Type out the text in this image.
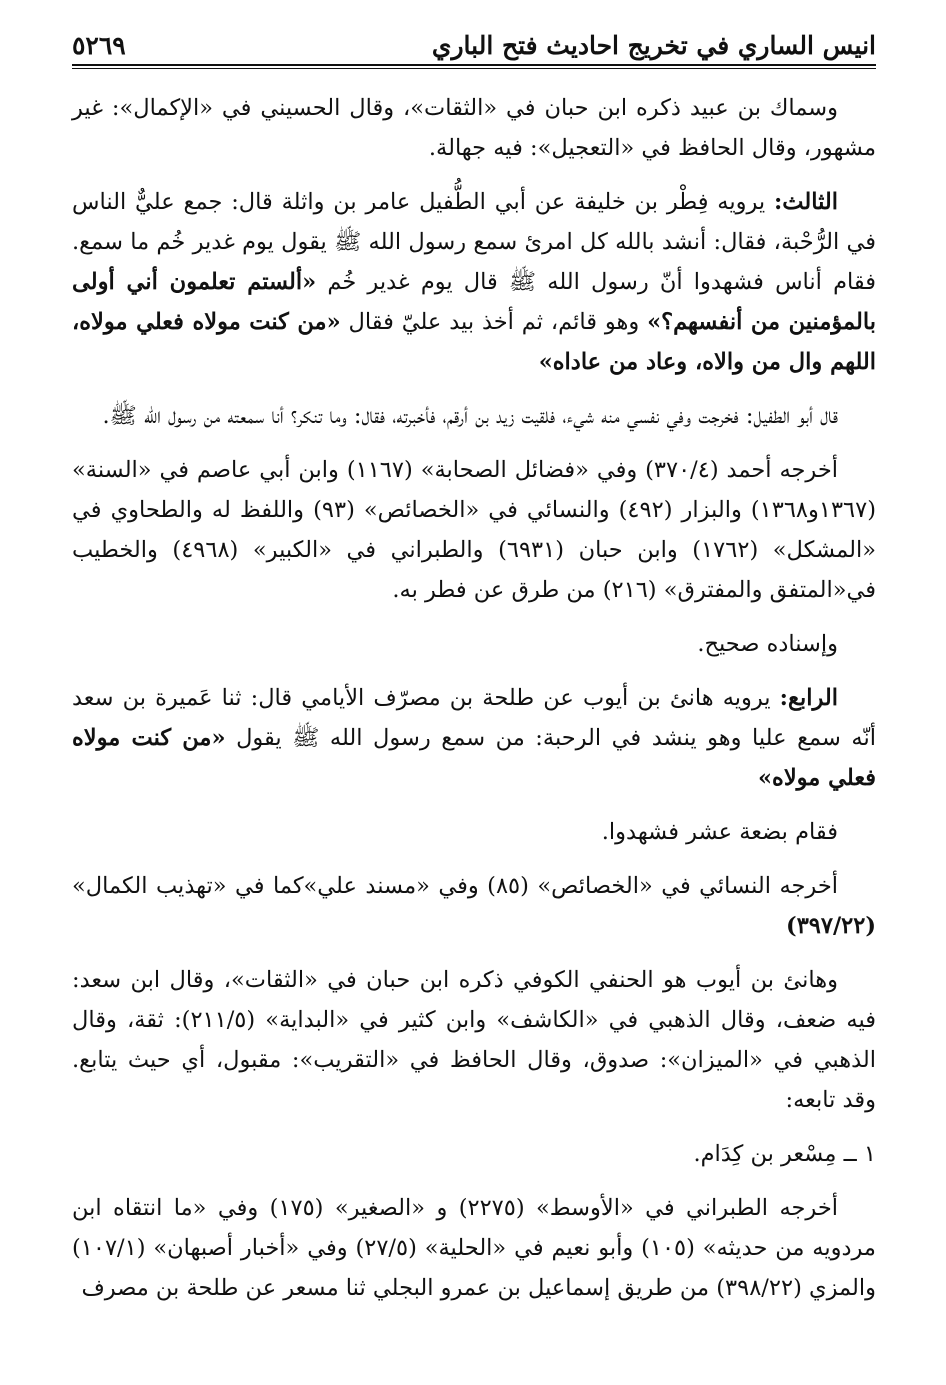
انيس الساري في تخريج احاديث فتح الباري
٥٢٦٩

وسماك بن عبيد ذكره ابن حبان في «الثقات»، وقال الحسيني في «الإكمال»: غير مشهور، وقال الحافظ في «التعجيل»: فيه جهالة.

الثالث: يرويه فِطْر بن خليفة عن أبي الطُّفيل عامر بن واثلة قال: جمع عليٌّ الناس في الرُّحْبة، فقال: أنشد بالله كل امرئ سمع رسول الله ﷺ يقول يوم غدير خُم ما سمع. فقام أناس فشهدوا أنّ رسول الله ﷺ قال يوم غدير خُم «ألستم تعلمون أني أولى بالمؤمنين من أنفسهم؟» وهو قائم، ثم أخذ بيد عليّ فقال «من كنت مولاه فعلي مولاه، اللهم وال من والاه، وعاد من عاداه»

قال أبو الطفيل: فخرجت وفي نفسي منه شيء، فلقيت زيد بن أرقم، فأخبرته، فقال: وما تنكر؟ أنا سمعته من رسول الله ﷺ.

أخرجه أحمد (٣٧٠/٤) وفي «فضائل الصحابة» (١١٦٧) وابن أبي عاصم في «السنة» (١٣٦٧و١٣٦٨) والبزار (٤٩٢) والنسائي في «الخصائص» (٩٣) واللفظ له والطحاوي في «المشكل» (١٧٦٢) وابن حبان (٦٩٣١) والطبراني في «الكبير» (٤٩٦٨) والخطيب في«المتفق والمفترق» (٢١٦) من طرق عن فطر به.

وإسناده صحيح.

الرابع: يرويه هانئ بن أيوب عن طلحة بن مصرّف الأيامي قال: ثنا عَميرة بن سعد أنّه سمع عليا وهو ينشد في الرحبة: من سمع رسول الله ﷺ يقول «من كنت مولاه فعلي مولاه»

فقام بضعة عشر فشهدوا.

أخرجه النسائي في «الخصائص» (٨٥) وفي «مسند علي»كما في «تهذيب الكمال» (٣٩٧/٢٢)

وهانئ بن أيوب هو الحنفي الكوفي ذكره ابن حبان في «الثقات»، وقال ابن سعد: فيه ضعف، وقال الذهبي في «الكاشف» وابن كثير في «البداية» (٢١١/٥): ثقة، وقال الذهبي في «الميزان»: صدوق، وقال الحافظ في «التقريب»: مقبول، أي حيث يتابع. وقد تابعه:

١ ــ مِسْعر بن كِدَام.

أخرجه الطبراني في «الأوسط» (٢٢٧٥) و «الصغير» (١٧٥) وفي «ما انتقاه ابن مردويه من حديثه» (١٠٥) وأبو نعيم في «الحلية» (٢٧/٥) وفي «أخبار أصبهان» (١٠٧/١) والمزي (٣٩٨/٢٢) من طريق إسماعيل بن عمرو البجلي ثنا مسعر عن طلحة بن مصرف
